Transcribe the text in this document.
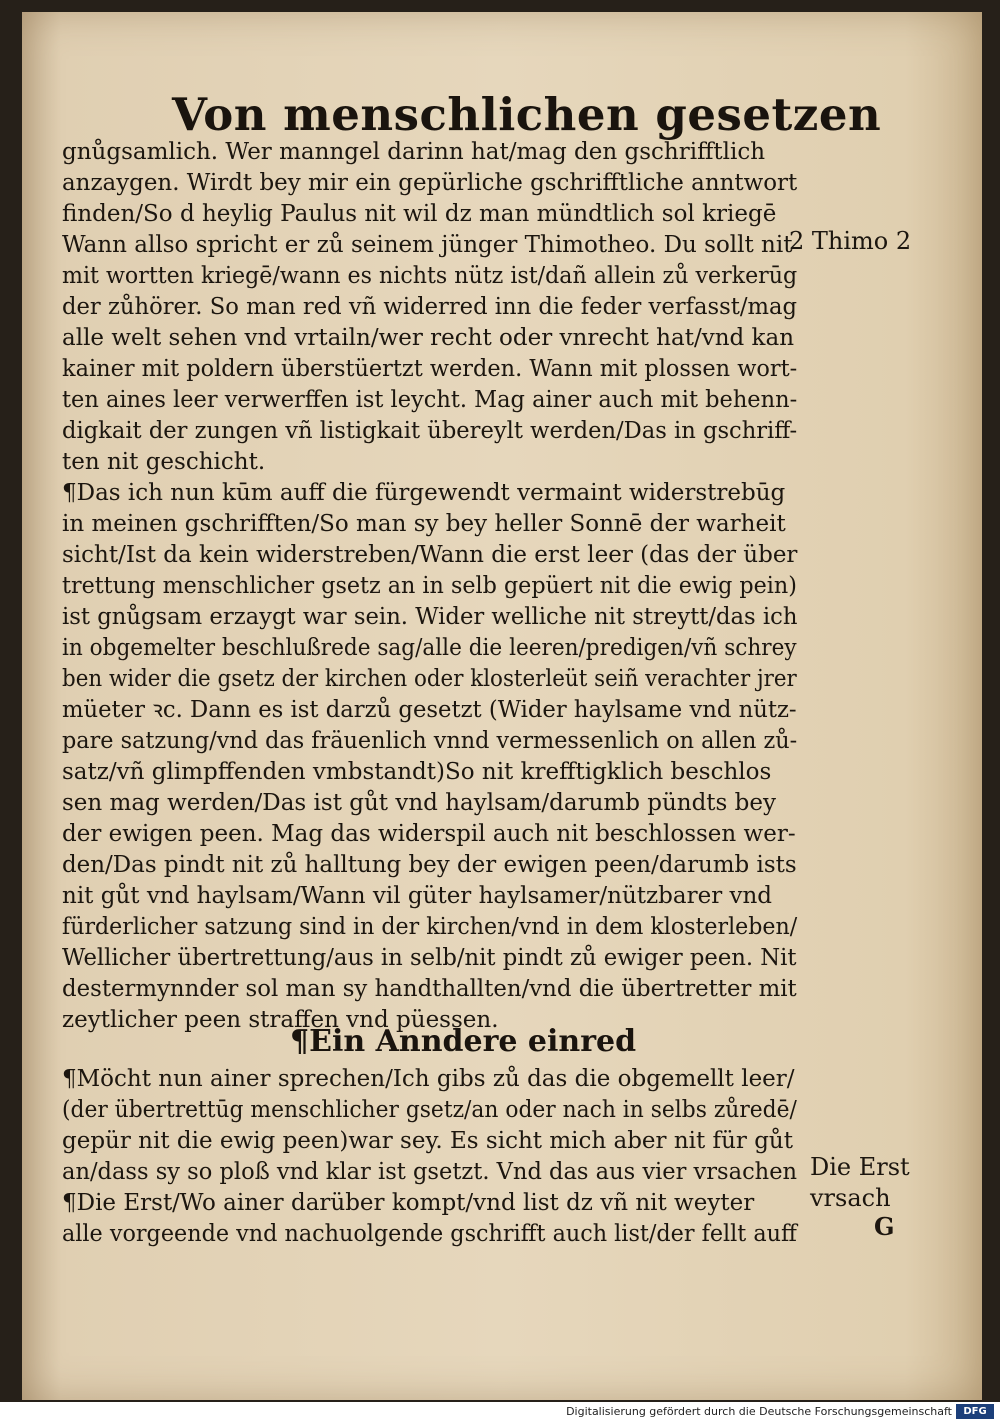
Von menschlichen gesetzen
gnůgsamlich. Wer manngel darinn hat/mag den gschrifftlich
anzaygen. Wirdt bey mir ein gepürliche gschrifftliche anntwort
finden/So d heylig Paulus nit wil dz man mündtlich sol kriegē
Wann allso spricht er zů seinem jünger Thimotheo. Du sollt nit
mit wortten kriegē/wann es nichts nütz ist/dañ allein zů verkerūg
der zůhörer. So man red vñ widerred inn die feder verfasst/mag
alle welt sehen vnd vrtailn/wer recht oder vnrecht hat/vnd kan
kainer mit poldern überstüertzt werden. Wann mit plossen wort-
ten aines leer verwerffen ist leycht. Mag ainer auch mit behenn-
digkait der zungen vñ listigkait übereylt werden/Das in gschriff-
ten nit geschicht.
¶Das ich nun kūm auff die fürgewendt vermaint widerstrebūg
in meinen gschrifften/So man sy bey heller Sonnē der warheit
sicht/Ist da kein widerstreben/Wann die erst leer (das der über
trettung menschlicher gsetz an in selb gepüert nit die ewig pein)
ist gnůgsam erzaygt war sein. Wider welliche nit streytt/das ich
in obgemelter beschlußrede sag/alle die leeren/predigen/vñ schrey
ben wider die gsetz der kirchen oder klosterleüt seiñ verachter jrer
müeter ꝛc. Dann es ist darzů gesetzt (Wider haylsame vnd nütz-
pare satzung/vnd das fräuenlich vnnd vermessenlich on allen zů-
satz/vñ glimpffenden vmbstandt)So nit krefftigklich beschlos
sen mag werden/Das ist gůt vnd haylsam/darumb pündts bey
der ewigen peen. Mag das widerspil auch nit beschlossen wer-
den/Das pindt nit zů halltung bey der ewigen peen/darumb ists
nit gůt vnd haylsam/Wann vil güter haylsamer/nützbarer vnd
fürderlicher satzung sind in der kirchen/vnd in dem klosterleben/
Wellicher übertrettung/aus in selb/nit pindt zů ewiger peen. Nit
destermynnder sol man sy handthallten/vnd die übertretter mit
zeytlicher peen straffen vnd püessen.
¶Ein Anndere einred
¶Möcht nun ainer sprechen/Ich gibs zů das die obgemellt leer/
(der übertrettūg menschlicher gsetz/an oder nach in selbs zůredē/
gepür nit die ewig peen)war sey. Es sicht mich aber nit für gůt
an/dass sy so ploß vnd klar ist gsetzt. Vnd das aus vier vrsachen
¶Die Erst/Wo ainer darüber kompt/vnd list dz vñ nit weyter
alle vorgeende vnd nachuolgende gschrifft auch list/der fellt auff
2 Thimo 2
Die Erst
vrsach
G
Digitalisierung gefördert durch die Deutsche Forschungsgemeinschaft	DFG
